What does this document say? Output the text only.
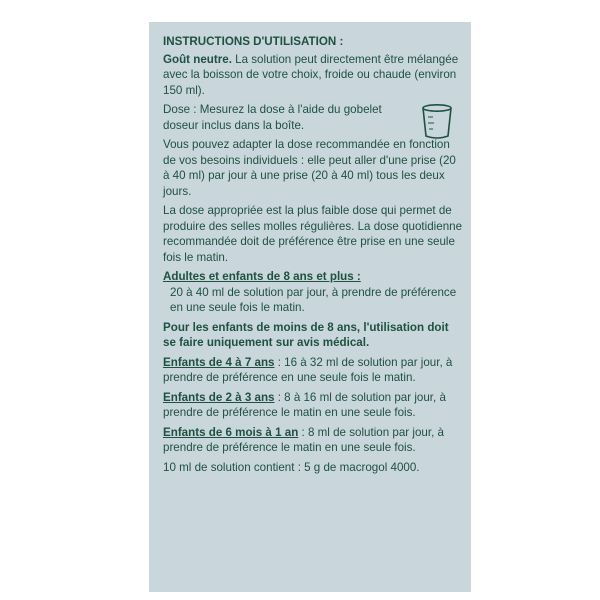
INSTRUCTIONS D'UTILISATION :
Goût neutre. La solution peut directement être mélangée avec la boisson de votre choix, froide ou chaude (environ 150 ml).
Dose : Mesurez la dose à l'aide du gobelet doseur inclus dans la boîte.
Vous pouvez adapter la dose recommandée en fonction de vos besoins individuels : elle peut aller d'une prise (20 à 40 ml) par jour à une prise (20 à 40 ml) tous les deux jours.
La dose appropriée est la plus faible dose qui permet de produire des selles molles régulières. La dose quotidienne recommandée doit de préférence être prise en une seule fois le matin.
Adultes et enfants de 8 ans et plus :
20 à 40 ml de solution par jour, à prendre de préférence en une seule fois le matin.
Pour les enfants de moins de 8 ans, l'utilisation doit se faire uniquement sur avis médical.
Enfants de 4 à 7 ans : 16 à 32 ml de solution par jour, à prendre de préférence en une seule fois le matin.
Enfants de 2 à 3 ans : 8 à 16 ml de solution par jour, à prendre de préférence le matin en une seule fois.
Enfants de 6 mois à 1 an : 8 ml de solution par jour, à prendre de préférence le matin en une seule fois.
10 ml de solution contient : 5 g de macrogol 4000.
